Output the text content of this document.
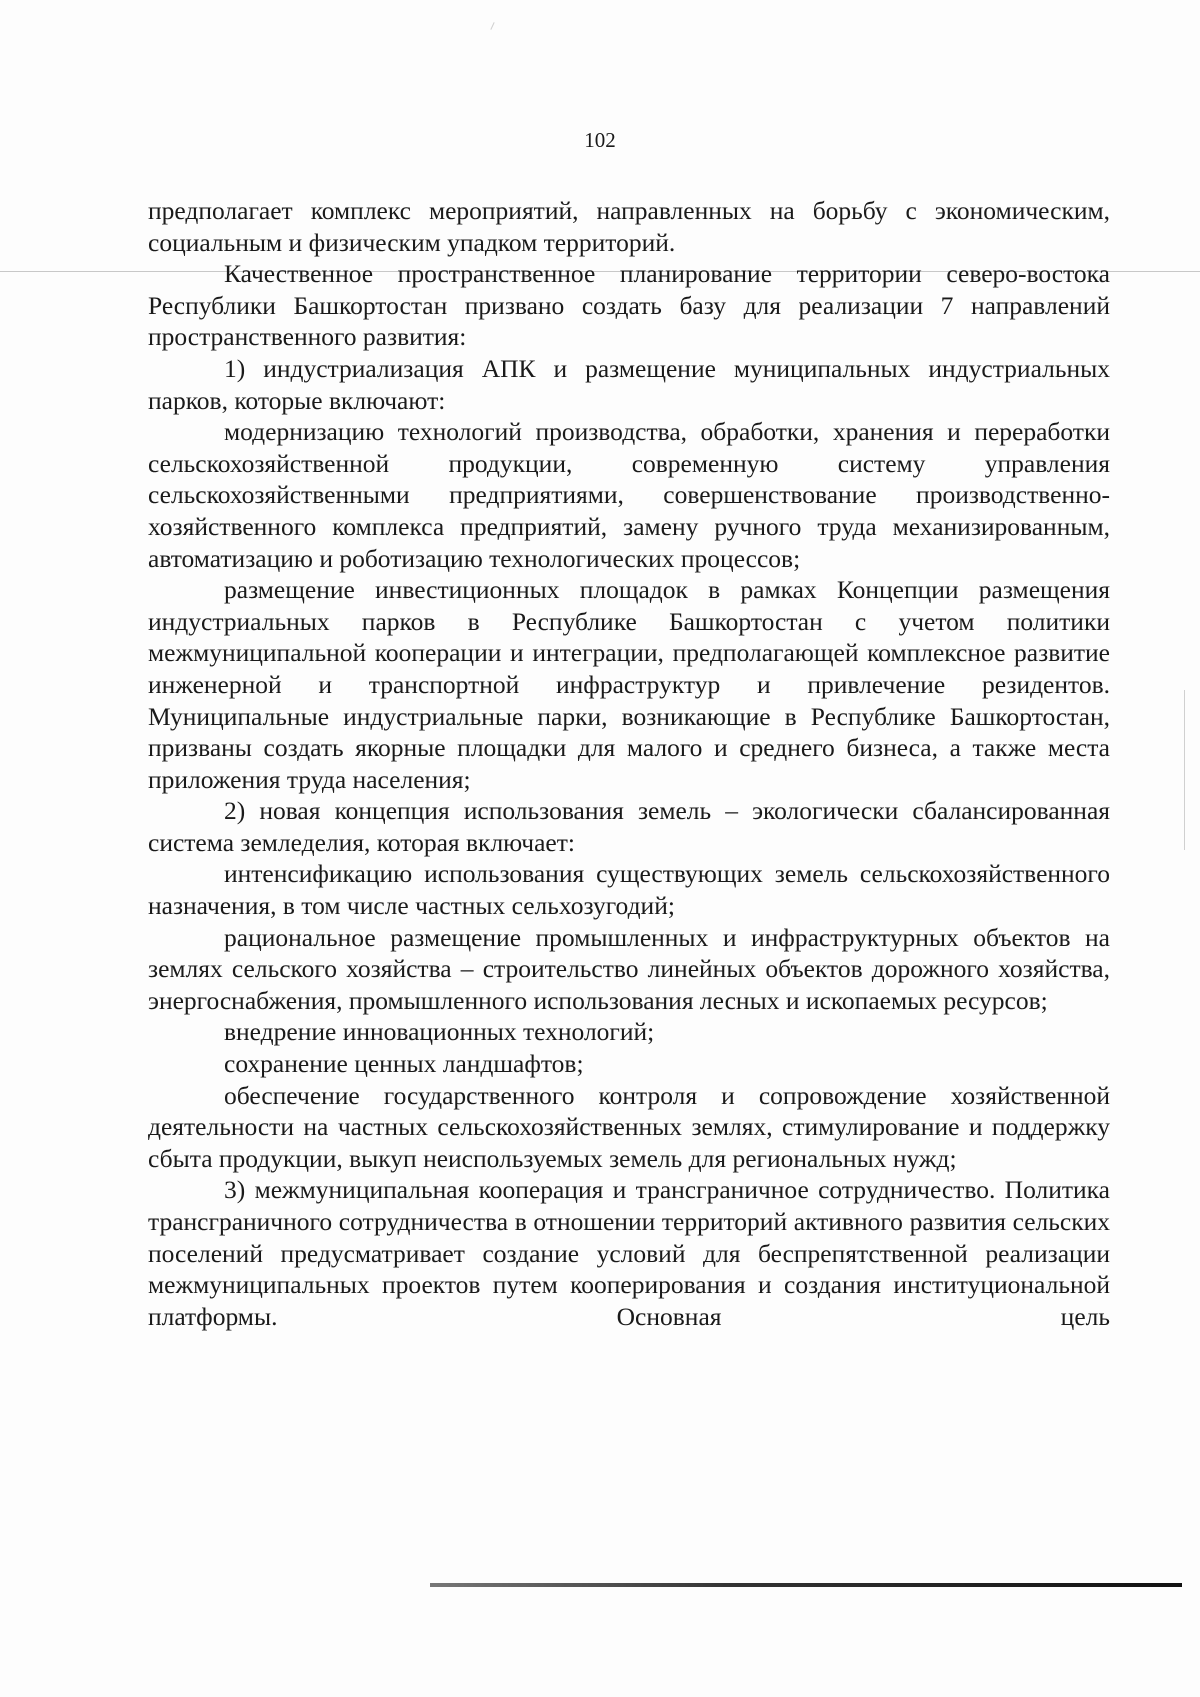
102

предполагает комплекс мероприятий, направленных на борьбу с экономическим, социальным и физическим упадком территорий.

Качественное пространственное планирование территории северо-востока Республики Башкортостан призвано создать базу для реализации 7 направлений пространственного развития:

1) индустриализация АПК и размещение муниципальных индустриальных парков, которые включают:

модернизацию технологий производства, обработки, хранения и переработки сельскохозяйственной продукции, современную систему управления сельскохозяйственными предприятиями, совершенствование производственно-хозяйственного комплекса предприятий, замену ручного труда механизированным, автоматизацию и роботизацию технологических процессов;

размещение инвестиционных площадок в рамках Концепции размещения индустриальных парков в Республике Башкортостан с учетом политики межмуниципальной кооперации и интеграции, предполагающей комплексное развитие инженерной и транспортной инфраструктур и привлечение резидентов. Муниципальные индустриальные парки, возникающие в Республике Башкортостан, призваны создать якорные площадки для малого и среднего бизнеса, а также места приложения труда населения;

2) новая концепция использования земель – экологически сбалансированная система земледелия, которая включает:

интенсификацию использования существующих земель сельскохозяйственного назначения, в том числе частных сельхозугодий;

рациональное размещение промышленных и инфраструктурных объектов на землях сельского хозяйства – строительство линейных объектов дорожного хозяйства, энергоснабжения, промышленного использования лесных и ископаемых ресурсов;

внедрение инновационных технологий;

сохранение ценных ландшафтов;

обеспечение государственного контроля и сопровождение хозяйственной деятельности на частных сельскохозяйственных землях, стимулирование и поддержку сбыта продукции, выкуп неиспользуемых земель для региональных нужд;

3) межмуниципальная кооперация и трансграничное сотрудничество. Политика трансграничного сотрудничества в отношении территорий активного развития сельских поселений предусматривает создание условий для беспрепятственной реализации межмуниципальных проектов путем кооперирования и создания институциональной платформы. Основная цель
